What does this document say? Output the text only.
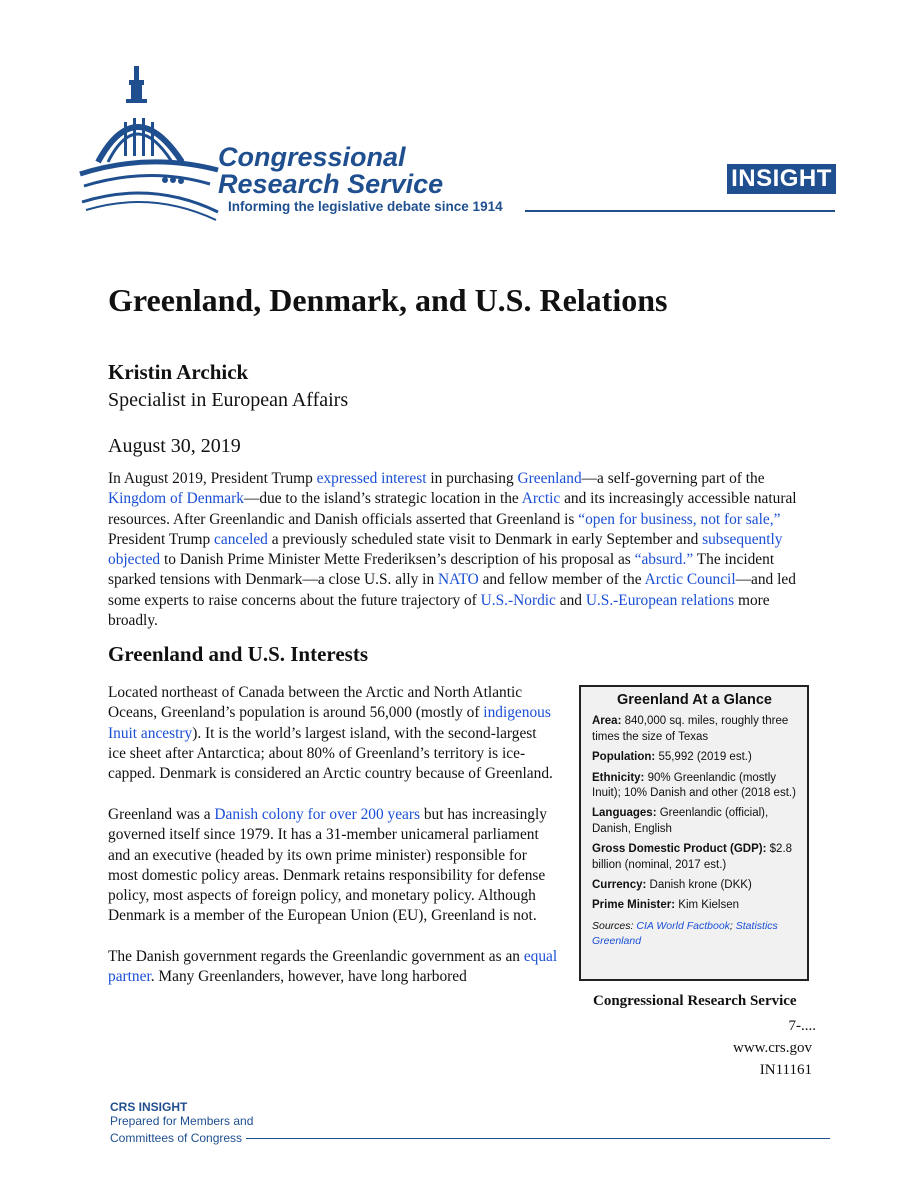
Congressional
Research Service
Informing the legislative debate since 1914
INSIGHT
Greenland, Denmark, and U.S. Relations
Kristin Archick
Specialist in European Affairs
August 30, 2019

In August 2019, President Trump expressed interest in purchasing Greenland—a self-governing part of the Kingdom of Denmark—due to the island’s strategic location in the Arctic and its increasingly accessible natural resources. After Greenlandic and Danish officials asserted that Greenland is “open for business, not for sale,” President Trump canceled a previously scheduled state visit to Denmark in early September and subsequently objected to Danish Prime Minister Mette Frederiksen’s description of his proposal as “absurd.” The incident sparked tensions with Denmark—a close U.S. ally in NATO and fellow member of the Arctic Council—and led some experts to raise concerns about the future trajectory of U.S.-Nordic and U.S.-European relations more broadly.

Greenland and U.S. Interests

Located northeast of Canada between the Arctic and North Atlantic Oceans, Greenland’s population is around 56,000 (mostly of indigenous Inuit ancestry). It is the world’s largest island, with the second-largest ice sheet after Antarctica; about 80% of Greenland’s territory is ice-capped. Denmark is considered an Arctic country because of Greenland.

Greenland was a Danish colony for over 200 years but has increasingly governed itself since 1979. It has a 31-member unicameral parliament and an executive (headed by its own prime minister) responsible for most domestic policy areas. Denmark retains responsibility for defense policy, most aspects of foreign policy, and monetary policy. Although Denmark is a member of the European Union (EU), Greenland is not.

The Danish government regards the Greenlandic government as an equal partner. Many Greenlanders, however, have long harbored

Greenland At a Glance
Area: 840,000 sq. miles, roughly three times the size of Texas
Population: 55,992 (2019 est.)
Ethnicity: 90% Greenlandic (mostly Inuit); 10% Danish and other (2018 est.)
Languages: Greenlandic (official), Danish, English
Gross Domestic Product (GDP): $2.8 billion (nominal, 2017 est.)
Currency: Danish krone (DKK)
Prime Minister: Kim Kielsen
Sources: CIA World Factbook; Statistics Greenland
Congressional Research Service
7-....
www.crs.gov
IN11161
CRS INSIGHT
Prepared for Members and
Committees of Congress
